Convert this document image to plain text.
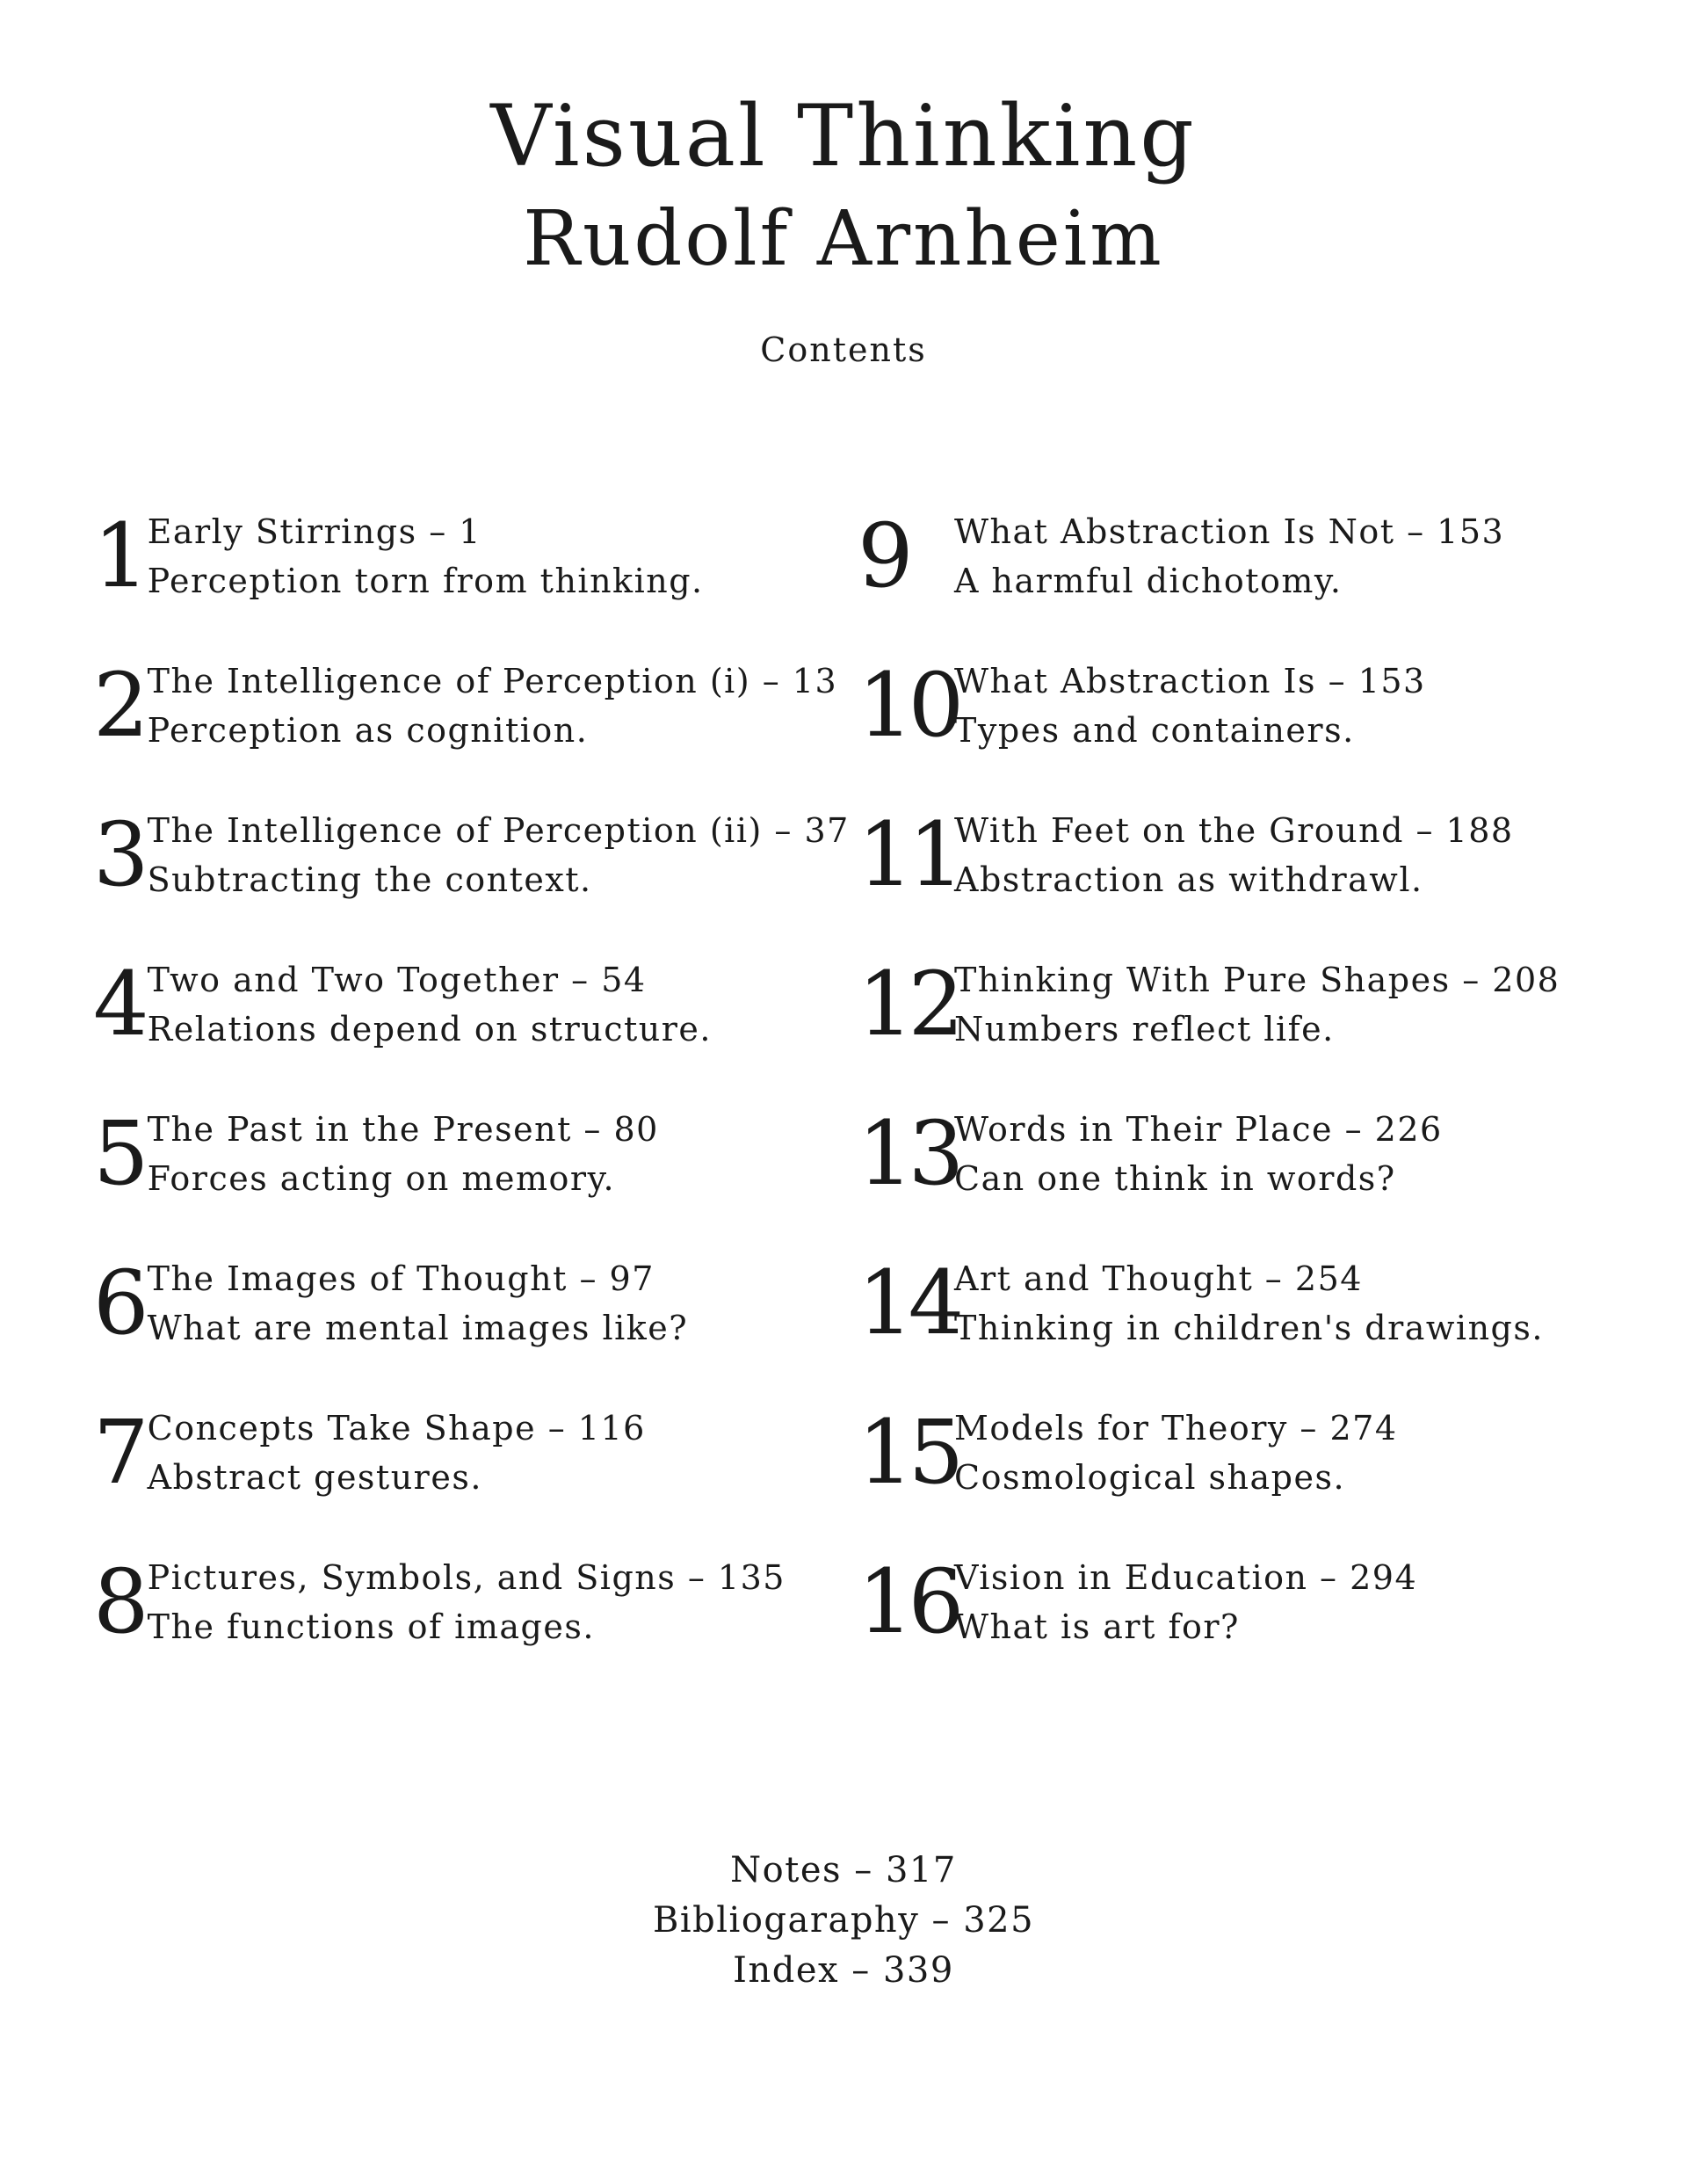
Visual Thinking
Rudolf Arnheim
Contents
1 Early Stirrings – 1
Perception torn from thinking.
2 The Intelligence of Perception (i) – 13
Perception as cognition.
3 The Intelligence of Perception (ii) – 37
Subtracting the context.
4 Two and Two Together – 54
Relations depend on structure.
5 The Past in the Present – 80
Forces acting on memory.
6 The Images of Thought – 97
What are mental images like?
7 Concepts Take Shape – 116
Abstract gestures.
8 Pictures, Symbols, and Signs – 135
The functions of images.
9	What Abstraction Is Not – 153
A harmful dichotomy.
10
What Abstraction Is – 153
Types and containers.
11
With Feet on the Ground – 188
Abstraction as withdrawl.
12
Thinking With Pure Shapes – 208
Numbers reflect life.
13
Words in Their Place – 226
Can one think in words?
14
Art and Thought – 254
Thinking in children's drawings.
15
Models for Theory – 274
Cosmological shapes.
16
Vision in Education – 294
What is art for?
Notes – 317
Bibliogaraphy – 325
Index – 339
